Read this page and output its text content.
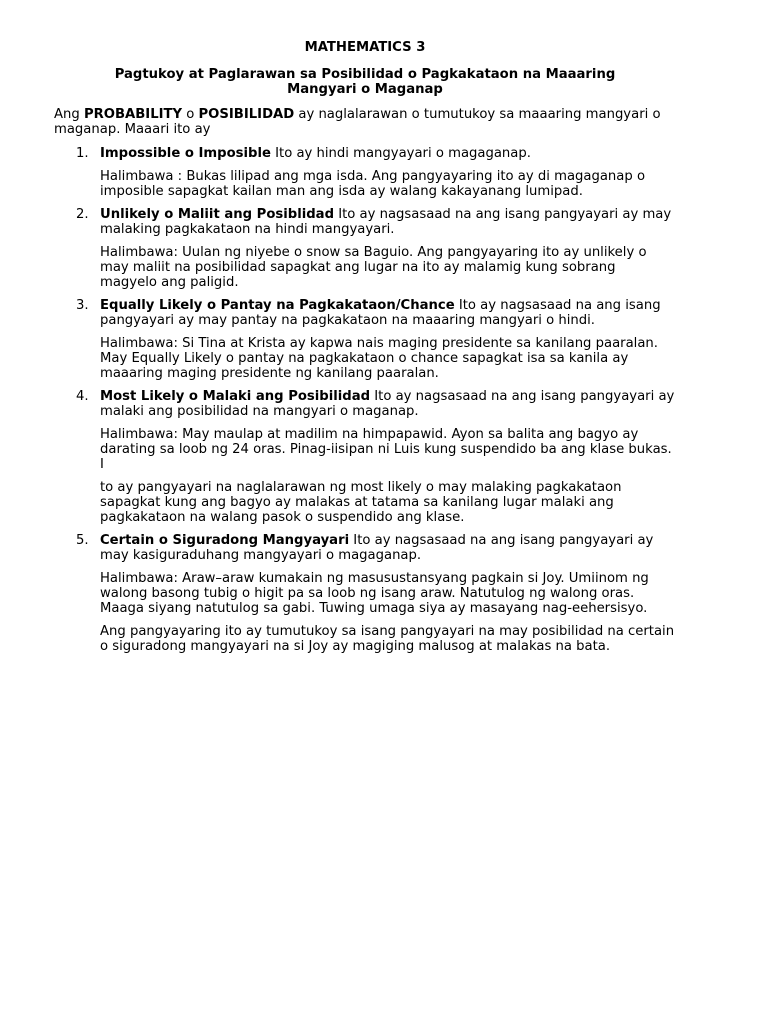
MATHEMATICS 3
Pagtukoy at Paglarawan sa Posibilidad o Pagkakataon na Maaaring
Mangyari o Maganap
Ang PROBABILITY o POSIBILIDAD ay naglalarawan o tumutukoy sa maaaring mangyari o maganap. Maaari ito ay
1. Impossible o Imposible Ito ay hindi mangyayari o magaganap.
Halimbawa : Bukas lilipad ang mga isda. Ang pangyayaring ito ay di magaganap o imposible sapagkat kailan man ang isda ay walang kakayanang lumipad.
2. Unlikely o Maliit ang Posiblidad Ito ay nagsasaad na ang isang pangyayari ay may malaking pagkakataon na hindi mangyayari.
Halimbawa: Uulan ng niyebe o snow sa Baguio. Ang pangyayaring ito ay unlikely o may maliit na posibilidad sapagkat ang lugar na ito ay malamig kung sobrang magyelo ang paligid.
3. Equally Likely o Pantay na Pagkakataon/Chance Ito ay nagsasaad na ang isang pangyayari ay may pantay na pagkakataon na maaaring mangyari o hindi.
Halimbawa: Si Tina at Krista ay kapwa nais maging presidente sa kanilang paaralan. May Equally Likely o pantay na pagkakataon o chance sapagkat isa sa kanila ay maaaring maging presidente ng kanilang paaralan.
4. Most Likely o Malaki ang Posibilidad Ito ay nagsasaad na ang isang pangyayari ay malaki ang posibilidad na mangyari o maganap.
Halimbawa: May maulap at madilim na himpapawid. Ayon sa balita ang bagyo ay darating sa loob ng 24 oras. Pinag-iisipan ni Luis kung suspendido ba ang klase bukas. I
to ay pangyayari na naglalarawan ng most likely o may malaking pagkakataon sapagkat kung ang bagyo ay malakas at tatama sa kanilang lugar malaki ang pagkakataon na walang pasok o suspendido ang klase.
5. Certain o Siguradong Mangyayari Ito ay nagsasaad na ang isang pangyayari ay may kasiguraduhang mangyayari o magaganap.
Halimbawa: Araw–araw kumakain ng masusustansyang pagkain si Joy. Umiinom ng walong basong tubig o higit pa sa loob ng isang araw. Natutulog ng walong oras. Maaga siyang natutulog sa gabi. Tuwing umaga siya ay masayang nag-eehersisyo.
Ang pangyayaring ito ay tumutukoy sa isang pangyayari na may posibilidad na certain o siguradong mangyayari na si Joy ay magiging malusog at malakas na bata.
